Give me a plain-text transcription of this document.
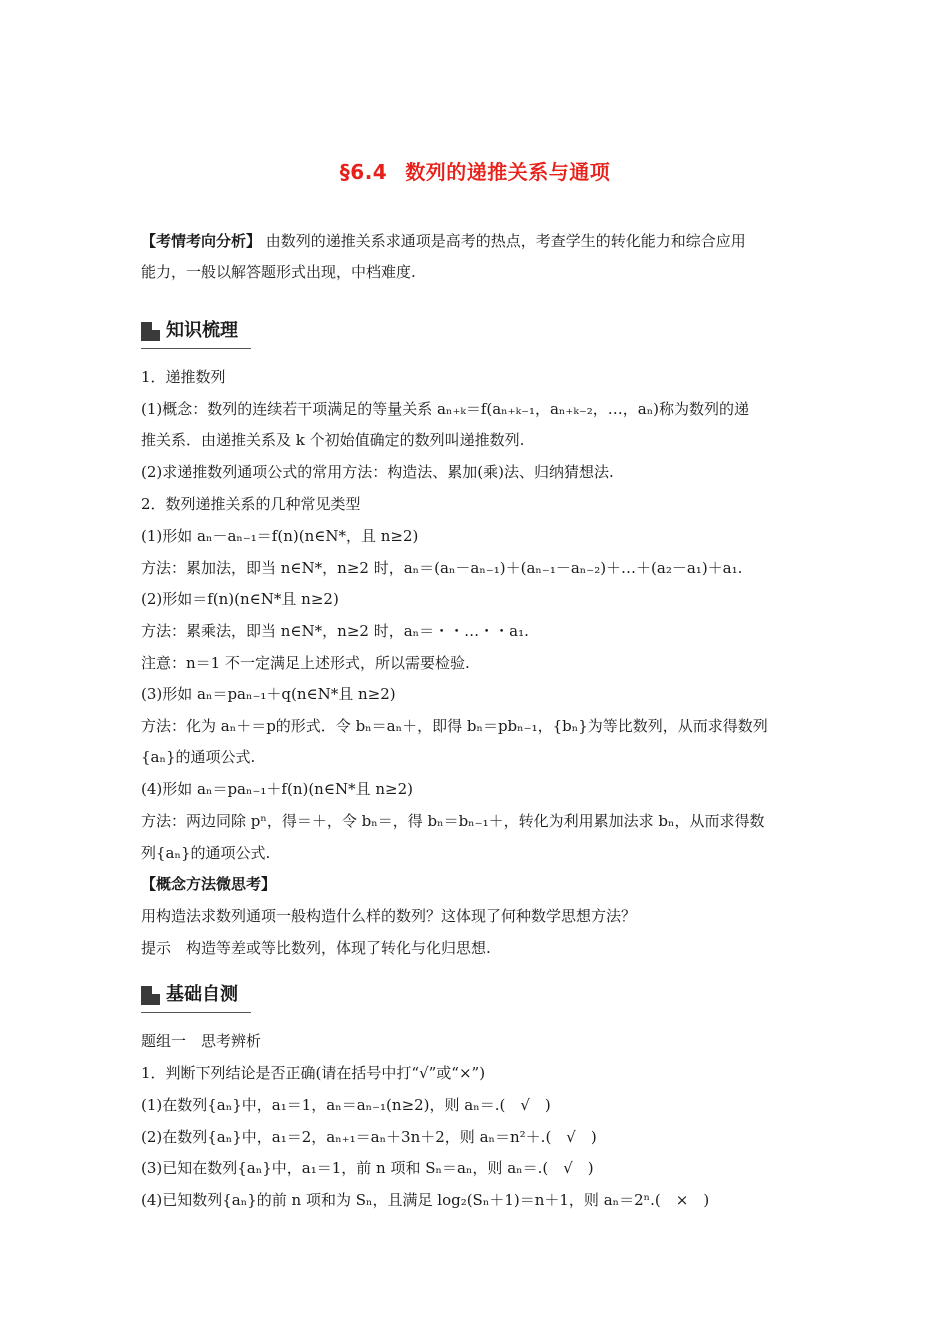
§6.4 数列的递推关系与通项
【考情考向分析】 由数列的递推关系求通项是高考的热点，考查学生的转化能力和综合应用
能力，一般以解答题形式出现，中档难度.
知识梳理
1．递推数列
(1)概念：数列的连续若干项满足的等量关系 aₙ₊ₖ＝f(aₙ₊ₖ₋₁，aₙ₊ₖ₋₂，…，aₙ)称为数列的递
推关系．由递推关系及 k 个初始值确定的数列叫递推数列.
(2)求递推数列通项公式的常用方法：构造法、累加(乘)法、归纳猜想法.
2．数列递推关系的几种常见类型
(1)形如 aₙ－aₙ₋₁＝f(n)(n∈N*，且 n≥2)
方法：累加法，即当 n∈N*，n≥2 时，aₙ＝(aₙ－aₙ₋₁)＋(aₙ₋₁－aₙ₋₂)＋…＋(a₂－a₁)＋a₁.
(2)形如＝f(n)(n∈N*且 n≥2)
方法：累乘法，即当 n∈N*，n≥2 时，aₙ＝・・…・・a₁.
注意：n＝1 不一定满足上述形式，所以需要检验.
(3)形如 aₙ＝paₙ₋₁＋q(n∈N*且 n≥2)
方法：化为 aₙ＋＝p的形式．令 bₙ＝aₙ＋，即得 bₙ＝pbₙ₋₁，{bₙ}为等比数列，从而求得数列
{aₙ}的通项公式.
(4)形如 aₙ＝paₙ₋₁＋f(n)(n∈N*且 n≥2)
方法：两边同除 pⁿ，得＝＋，令 bₙ＝，得 bₙ＝bₙ₋₁＋，转化为利用累加法求 bₙ，从而求得数
列{aₙ}的通项公式.
【概念方法微思考】
用构造法求数列通项一般构造什么样的数列？这体现了何种数学思想方法？
提示　构造等差或等比数列，体现了转化与化归思想.
基础自测
题组一　思考辨析
1．判断下列结论是否正确(请在括号中打“√”或“×”)
(1)在数列{aₙ}中，a₁＝1，aₙ＝aₙ₋₁(n≥2)，则 aₙ＝.(　√　)
(2)在数列{aₙ}中，a₁＝2，aₙ₊₁＝aₙ＋3n＋2，则 aₙ＝n²＋.(　√　)
(3)已知在数列{aₙ}中，a₁＝1，前 n 项和 Sₙ＝aₙ，则 aₙ＝.(　√　)
(4)已知数列{aₙ}的前 n 项和为 Sₙ，且满足 log₂(Sₙ＋1)＝n＋1，则 aₙ＝2ⁿ.(　×　)
